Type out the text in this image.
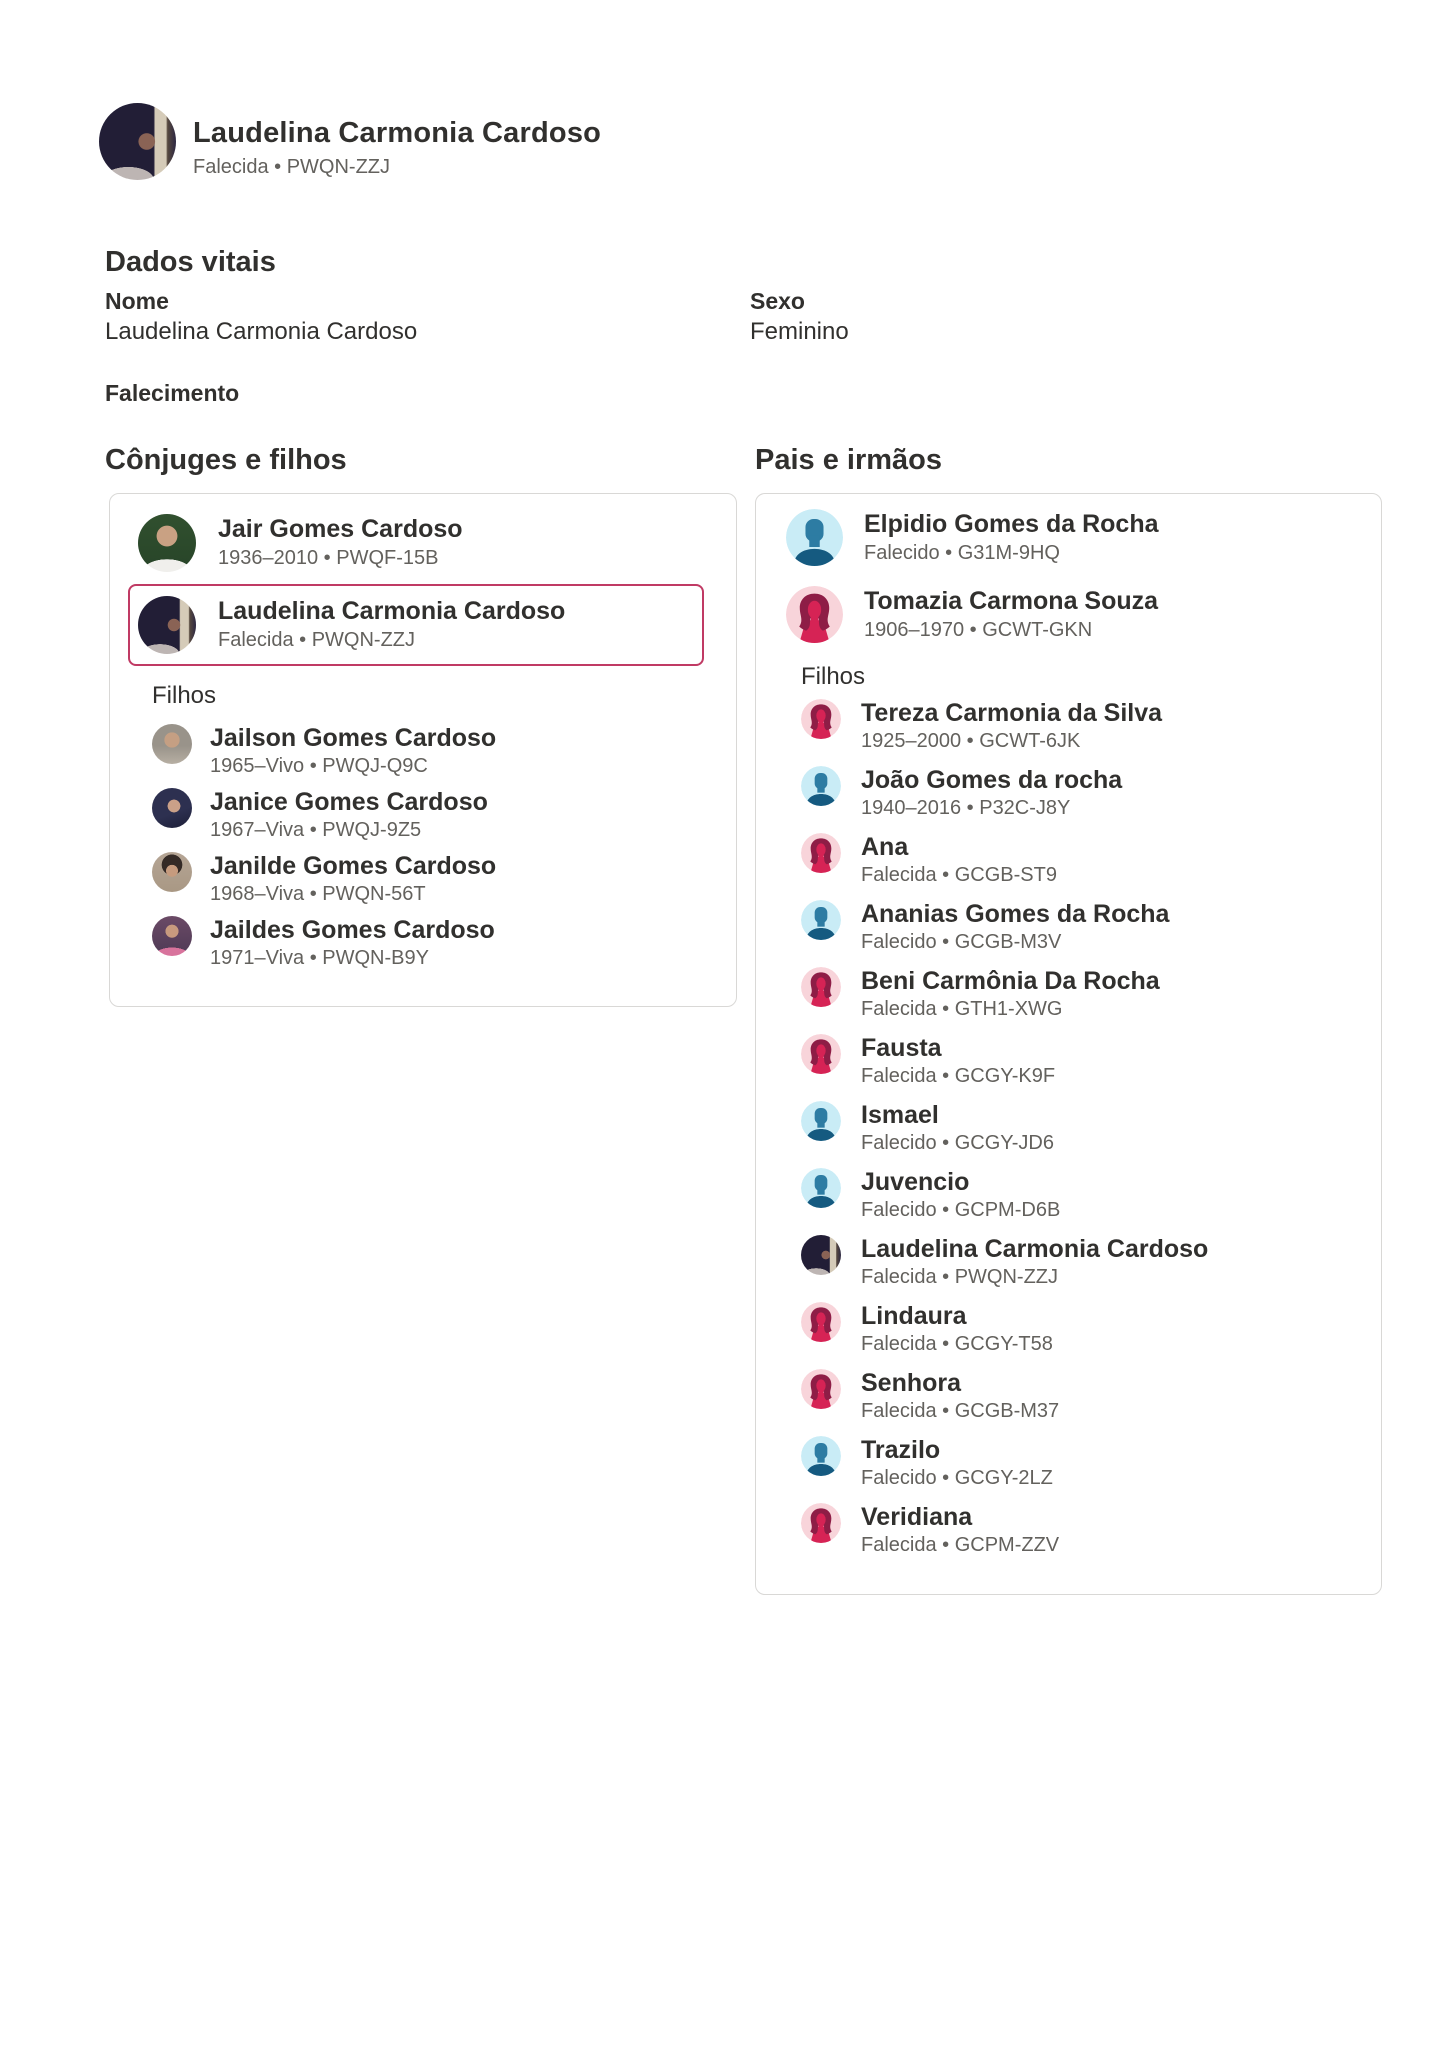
Laudelina Carmonia Cardoso
Falecida • PWQN-ZZJ
Dados vitais
Nome
Laudelina Carmonia Cardoso
Sexo
Feminino
Falecimento
Cônjuges e filhos
Jair Gomes Cardoso
1936–2010 • PWQF-15B
Laudelina Carmonia Cardoso
Falecida • PWQN-ZZJ
Filhos
Jailson Gomes Cardoso
1965–Vivo • PWQJ-Q9C
Janice Gomes Cardoso
1967–Viva • PWQJ-9Z5
Janilde Gomes Cardoso
1968–Viva • PWQN-56T
Jaildes Gomes Cardoso
1971–Viva • PWQN-B9Y
Pais e irmãos
Elpidio Gomes da Rocha
Falecido • G31M-9HQ
Tomazia Carmona Souza
1906–1970 • GCWT-GKN
Filhos
Tereza Carmonia da Silva
1925–2000 • GCWT-6JK
João Gomes da rocha
1940–2016 • P32C-J8Y
Ana
Falecida • GCGB-ST9
Ananias Gomes da Rocha
Falecido • GCGB-M3V
Beni Carmônia Da Rocha
Falecida • GTH1-XWG
Fausta
Falecida • GCGY-K9F
Ismael
Falecido • GCGY-JD6
Juvencio
Falecido • GCPM-D6B
Laudelina Carmonia Cardoso
Falecida • PWQN-ZZJ
Lindaura
Falecida • GCGY-T58
Senhora
Falecida • GCGB-M37
Trazilo
Falecido • GCGY-2LZ
Veridiana
Falecida • GCPM-ZZV
